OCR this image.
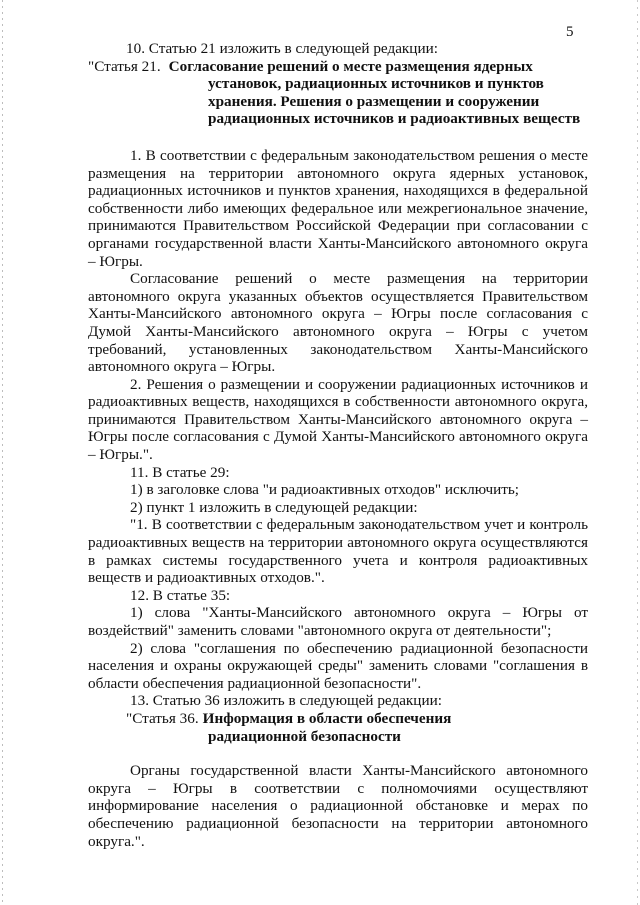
5

10. Статью 21 изложить в следующей редакции:

"Статья 21. Согласование решений о месте размещения ядерных
установок, радиационных источников и пунктов
хранения. Решения о размещении и сооружении
радиационных источников и радиоактивных веществ

1. В соответствии с федеральным законодательством решения о месте размещения на территории автономного округа ядерных установок, радиационных источников и пунктов хранения, находящихся в федеральной собственности либо имеющих федеральное или межрегиональное значение, принимаются Правительством Российской Федерации при согласовании с органами государственной власти Ханты-Мансийского автономного округа – Югры.

Согласование решений о месте размещения на территории автономного округа указанных объектов осуществляется Правительством Ханты-Мансийского автономного округа – Югры после согласования с Думой Ханты-Мансийского автономного округа – Югры с учетом требований, установленных законодательством Ханты-Мансийского автономного округа – Югры.

2. Решения о размещении и сооружении радиационных источников и радиоактивных веществ, находящихся в собственности автономного округа, принимаются Правительством Ханты-Мансийского автономного округа – Югры после согласования с Думой Ханты-Мансийского автономного округа – Югры.".

11. В статье 29:

1) в заголовке слова "и радиоактивных отходов" исключить;

2) пункт 1 изложить в следующей редакции:

"1. В соответствии с федеральным законодательством учет и контроль радиоактивных веществ на территории автономного округа осуществляются в рамках системы государственного учета и контроля радиоактивных веществ и радиоактивных отходов.".

12. В статье 35:

1) слова "Ханты-Мансийского автономного округа – Югры от воздействий" заменить словами "автономного округа от деятельности";

2) слова "соглашения по обеспечению радиационной безопасности населения и охраны окружающей среды" заменить словами "соглашения в области обеспечения радиационной безопасности".

13. Статью 36 изложить в следующей редакции:

"Статья 36. Информация в области обеспечения
радиационной безопасности

Органы государственной власти Ханты-Мансийского автономного округа – Югры в соответствии с полномочиями осуществляют информирование населения о радиационной обстановке и мерах по обеспечению радиационной безопасности на территории автономного округа.".
